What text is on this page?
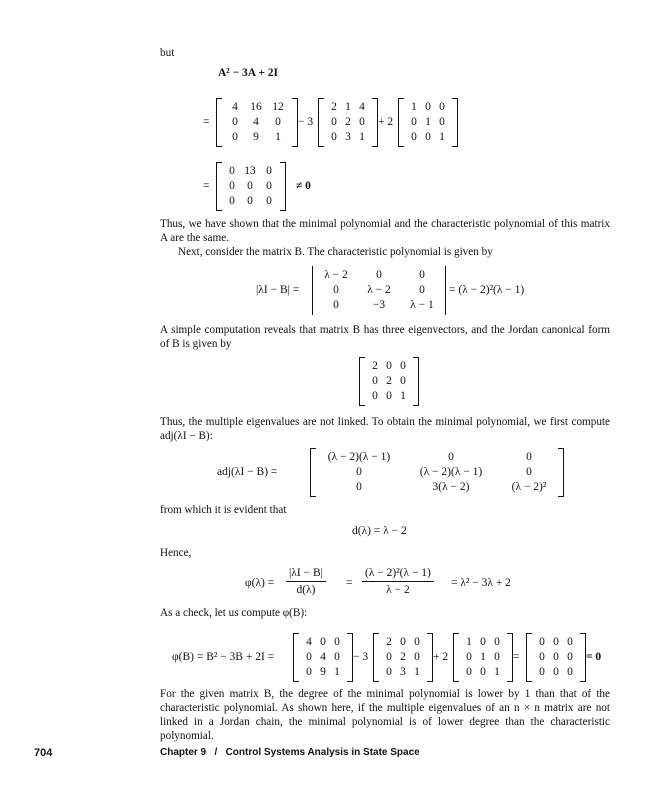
but
A² − 3A + 2I
=
4	16 12
0	4	0
0	9	1
− 3
2 1 4
0 2 0
0 3 1
+ 2
1 0 0
0 1 0
0 0 1
=
0 13 0
0	0	0
0	0	0
≠ 0
Thus, we have shown that the minimal polynomial and the characteristic polynomial of this matrix A are the same.
Next, consider the matrix B. The characteristic polynomial is given by
|λI − B| =
λ − 2	0	0
0	λ − 2	0
0	−3	λ − 1
= (λ − 2)²(λ − 1)
A simple computation reveals that matrix B has three eigenvectors, and the Jordan canonical form of B is given by
2 0 0
0 2 0
0 0 1
Thus, the multiple eigenvalues are not linked. To obtain the minimal polynomial, we first compute adj(λI − B):
adj(λI − B) =
(λ − 2)(λ − 1)	0	0
0	(λ − 2)(λ − 1)	0
0	3(λ − 2)	(λ − 2)²
from which it is evident that
d(λ) = λ − 2
Hence,
$\varphi(\lambda) = \frac{|\lambda I - B|}{d(\lambda)} = \frac{\text{(λ − 2)²(λ − 1)}}{\lambda - 2} = \lambda^2 - 3\lambda + 2$
As a check, let us compute φ(B):
φ(B) = B² − 3B + 2I =
4 0 0
0 4 0
0 9 1
− 3
2 0 0
0 2 0
0 3 1
+ 2
1 0 0
0 1 0
0 0 1
=
0 0 0
0 0 0
0 0 0
= 0
For the given matrix B, the degree of the minimal polynomial is lower by 1 than that of the characteristic polynomial. As shown here, if the multiple eigenvalues of an n × n matrix are not linked in a Jordan chain, the minimal polynomial is of lower degree than the characteristic polynomial.
704	Chapter 9   /   Control Systems Analysis in State Space
